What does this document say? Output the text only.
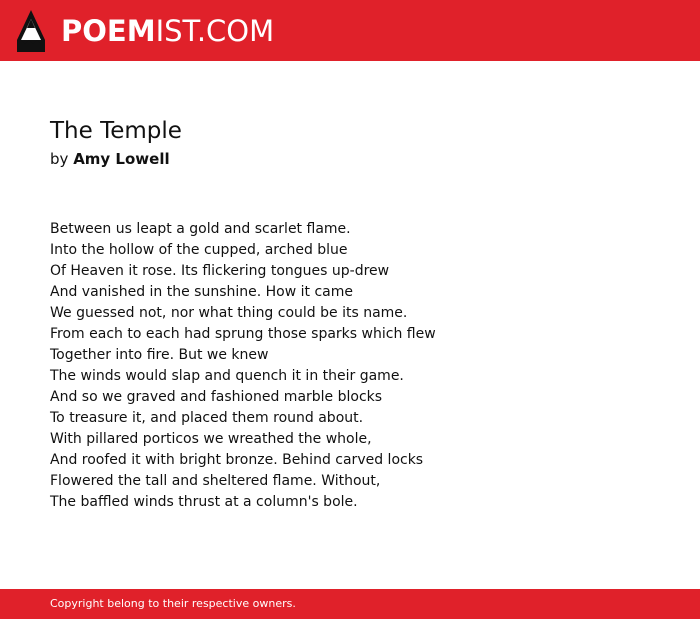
POEMIST.COM
The Temple
by Amy Lowell
Between us leapt a gold and scarlet flame.
Into the hollow of the cupped, arched blue
Of Heaven it rose. Its flickering tongues up-drew
And vanished in the sunshine. How it came
We guessed not, nor what thing could be its name.
From each to each had sprung those sparks which flew
Together into fire. But we knew
The winds would slap and quench it in their game.
And so we graved and fashioned marble blocks
To treasure it, and placed them round about.
With pillared porticos we wreathed the whole,
And roofed it with bright bronze. Behind carved locks
Flowered the tall and sheltered flame. Without,
The baffled winds thrust at a column's bole.
Copyright belong to their respective owners.
